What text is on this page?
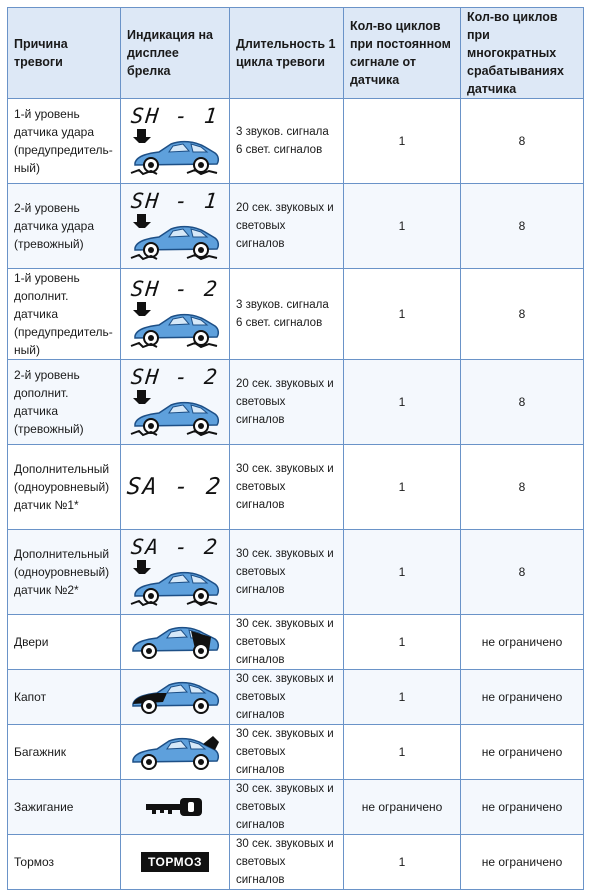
Причина тревоги	Индикация на дисплее брелка	Длительность 1 цикла тревоги	Кол-во циклов при постоянном сигнале от датчика	Кол-во циклов при многократных срабатываниях датчика
1-й уровень датчика удара (предупредитель-ный)	SH - 1	3 звуков. сигнала 6 свет. сигналов	1	8
2-й уровень датчика удара (тревожный)	SH - 1	20 сек. звуковых и световых сигналов	1	8
1-й уровень дополнит. датчика (предупредитель-ный)	SH - 2	3 звуков. сигнала 6 свет. сигналов	1	8
2-й уровень дополнит. датчика (тревожный)	SH - 2	20 сек. звуковых и световых сигналов	1	8
Дополнительный (одноуровневый) датчик №1*	SA - 2	30 сек. звуковых и световых сигналов	1	8
Дополнительный (одноуровневый) датчик №2*	SA - 2	30 сек. звуковых и световых сигналов	1	8
Двери		30 сек. звуковых и световых сигналов	1	не ограничено
Капот		30 сек. звуковых и световых сигналов	1	не ограничено
Багажник		30 сек. звуковых и световых сигналов	1	не ограничено
Зажигание		30 сек. звуковых и световых сигналов	не ограничено	не ограничено
Тормоз	ТОРМОЗ	30 сек. звуковых и световых сигналов	1	не ограничено
